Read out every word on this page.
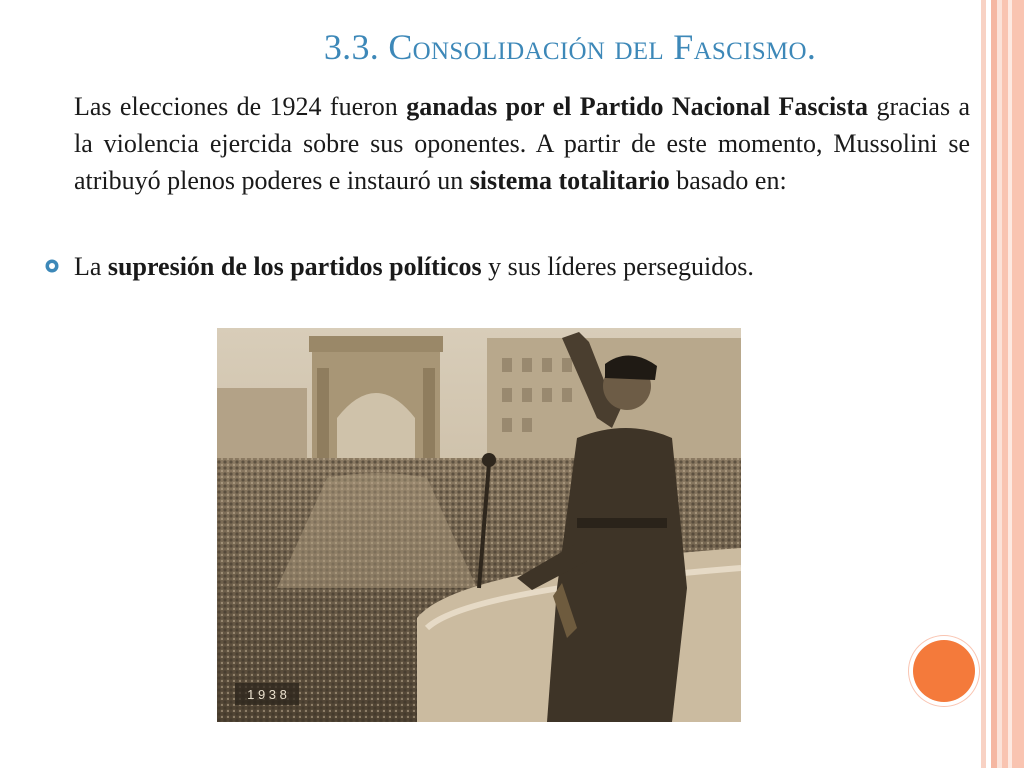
3.3. Consolidación del Fascismo.
Las elecciones de 1924 fueron ganadas por el Partido Nacional Fascista gracias a la violencia ejercida sobre sus oponentes. A partir de este momento, Mussolini se atribuyó plenos poderes e instauró un sistema totalitario basado en:
La supresión de los partidos políticos y sus líderes perseguidos.
1 9 3 8
